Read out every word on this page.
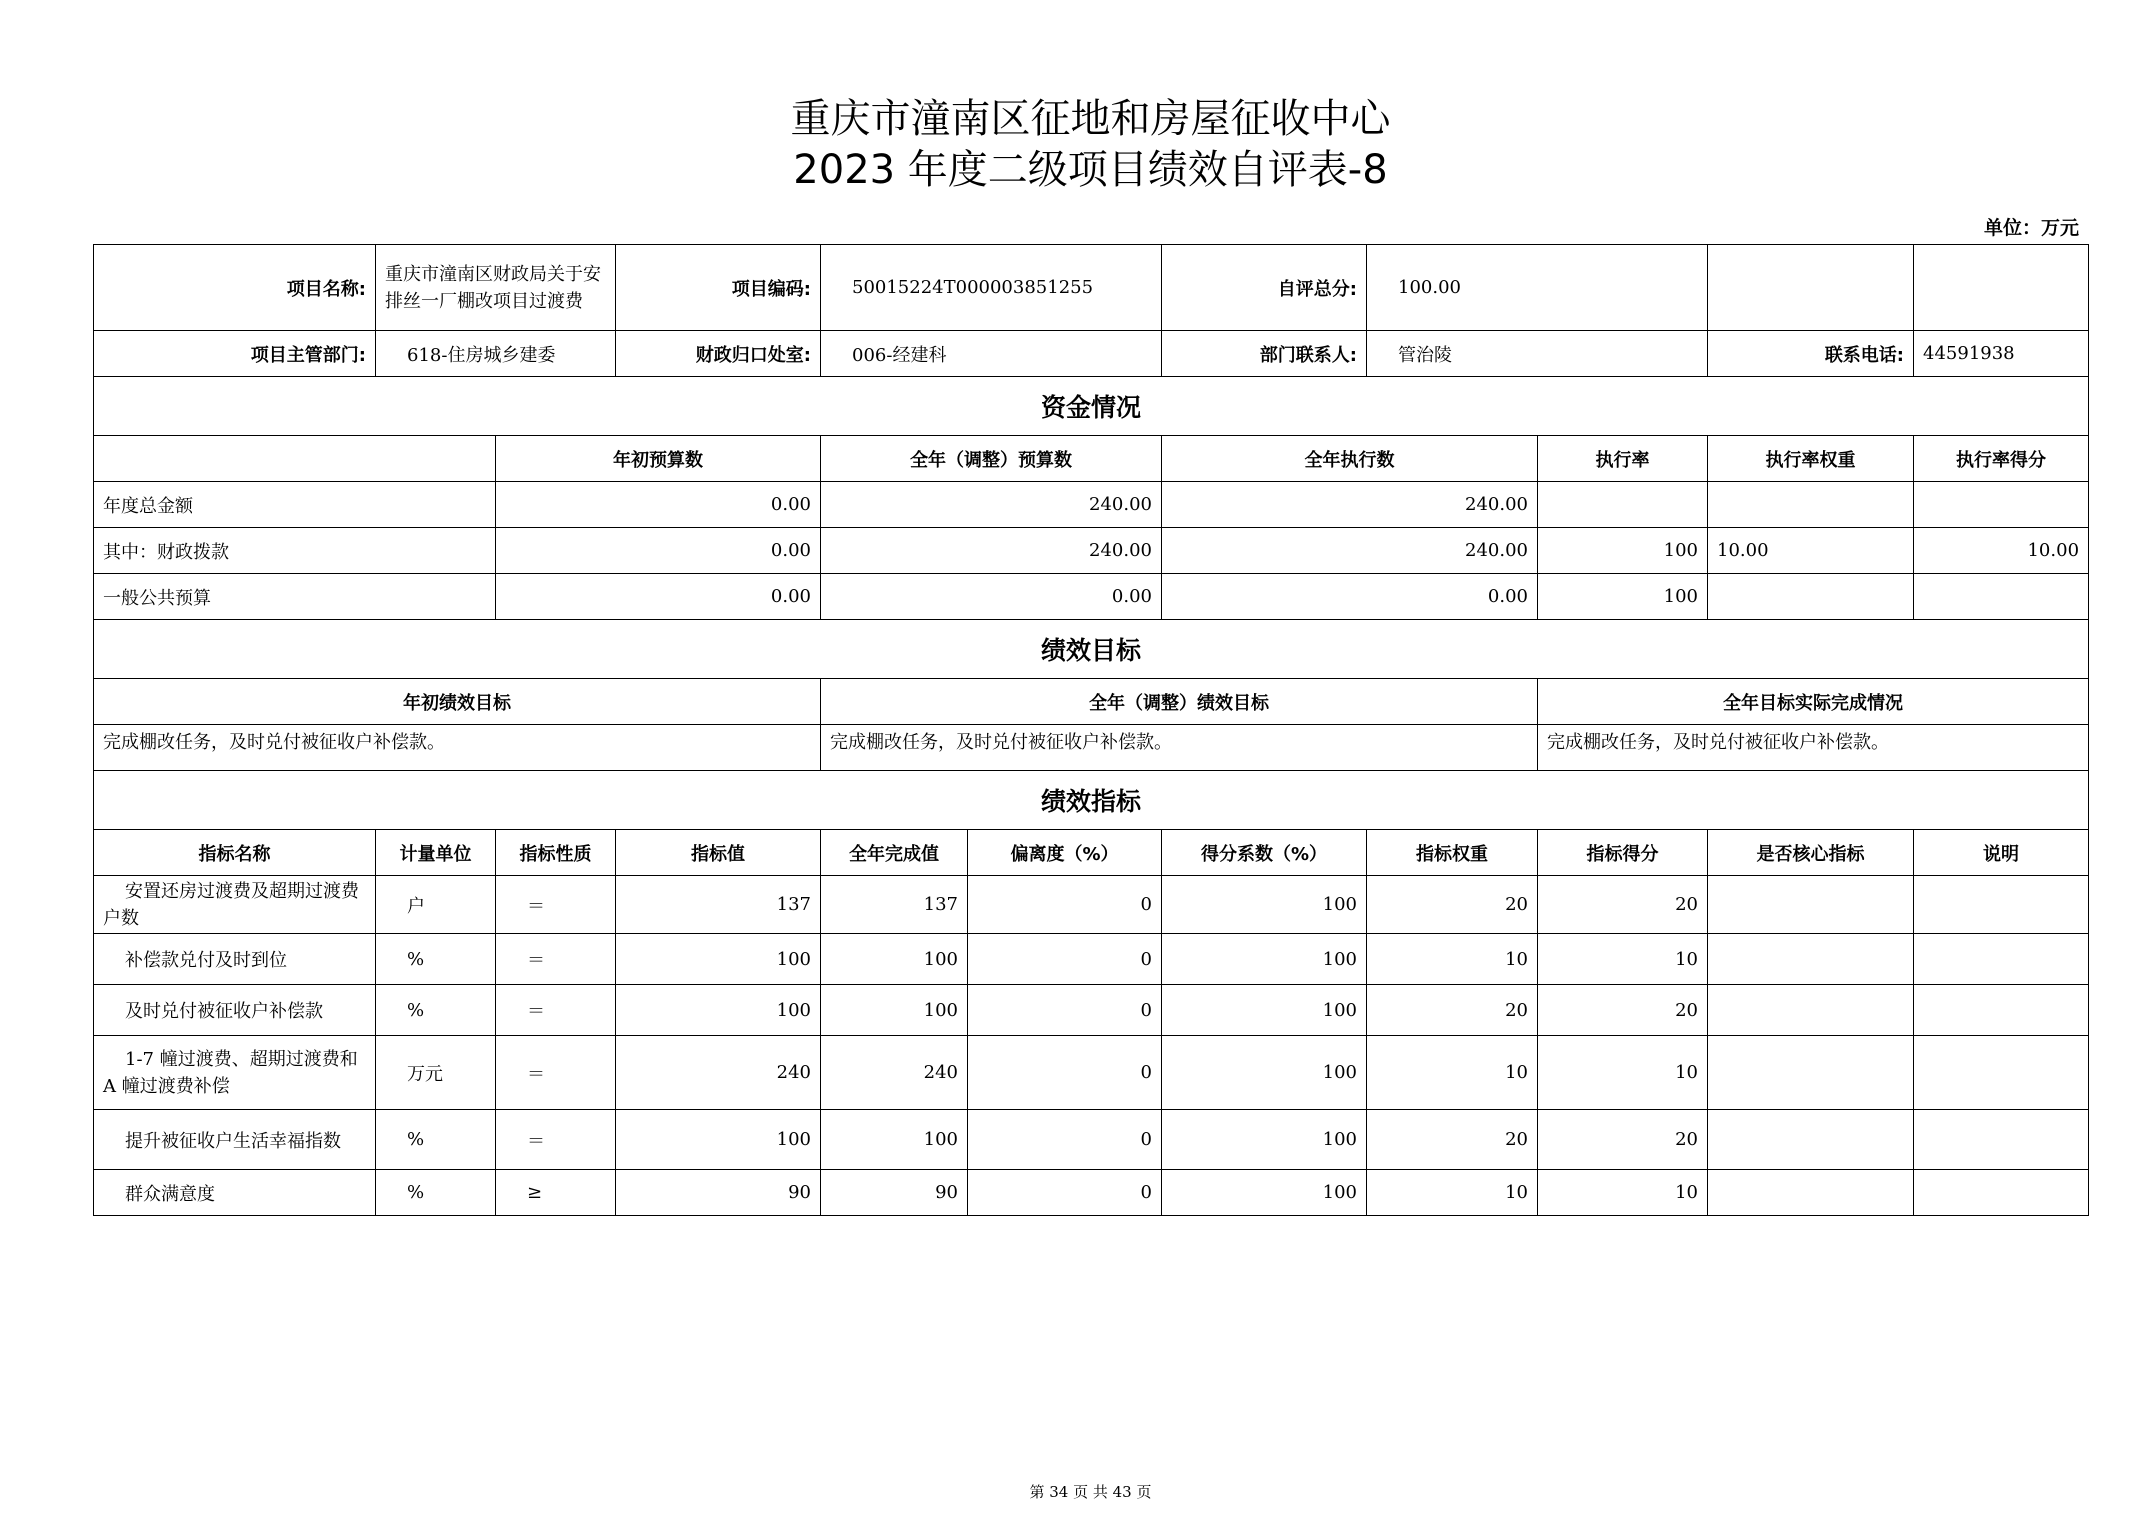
重庆市潼南区征地和房屋征收中心
2023 年度二级项目绩效自评表-8
单位：万元
项目名称:	重庆市潼南区财政局关于安排丝一厂棚改项目过渡费		项目编码:	50015224T000003851255		自评总分:	100.00			
项目主管部门:	618-住房城乡建委		财政归口处室:	006-经建科		部门联系人:	管治陵		联系电话:	44591938
资金情况										
		年初预算数		全年（调整）预算数		全年执行数		执行率	执行率权重	执行率得分
年度总金额		0.00		240.00		240.00				
其中：财政拨款		0.00		240.00		240.00		100	10.00	10.00
一般公共预算		0.00		0.00		0.00		100		
绩效目标										
年初绩效目标				全年（调整）绩效目标				全年目标实际完成情况		
完成棚改任务，及时兑付被征收户补偿款。				完成棚改任务，及时兑付被征收户补偿款。				完成棚改任务，及时兑付被征收户补偿款。		
绩效指标										
指标名称	计量单位	指标性质	指标值	全年完成值	偏离度（%）	得分系数（%）	指标权重	指标得分	是否核心指标	说明
安置还房过渡费及超期过渡费户数	户	＝	137	137	0	100	20	20		
补偿款兑付及时到位	%	＝	100	100	0	100	10	10		
及时兑付被征收户补偿款	%	＝	100	100	0	100	20	20		
1-7 幢过渡费、超期过渡费和 A 幢过渡费补偿	万元	＝	240	240	0	100	10	10		
提升被征收户生活幸福指数	%	＝	100	100	0	100	20	20		
群众满意度	%	≥	90	90	0	100	10	10		
第 34 页 共 43 页
